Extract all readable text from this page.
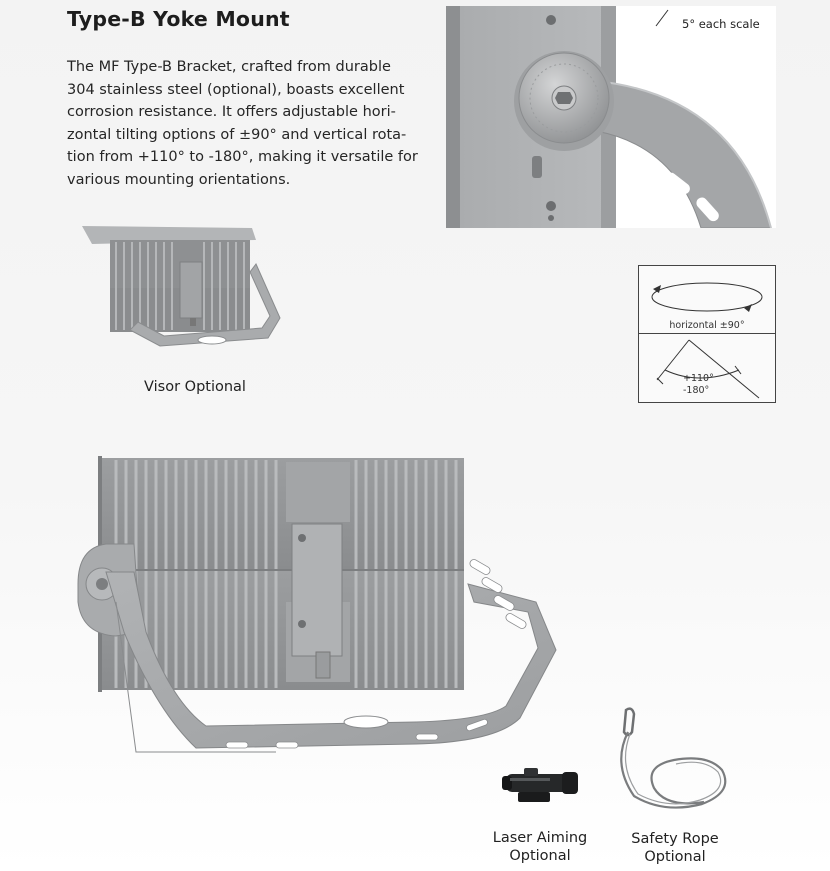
Type-B Yoke Mount

The MF Type-B Bracket, crafted from durable
304 stainless steel (optional), boasts excellent
corrosion resistance. It offers adjustable hori-
zontal tilting options of ±90° and vertical rota-
tion from +110° to -180°, making it versatile for
various mounting orientations.

5° each scale
Visor Optional
horizontal ±90°
+110°
-180°
Laser Aiming
Optional
Safety Rope
Optional
